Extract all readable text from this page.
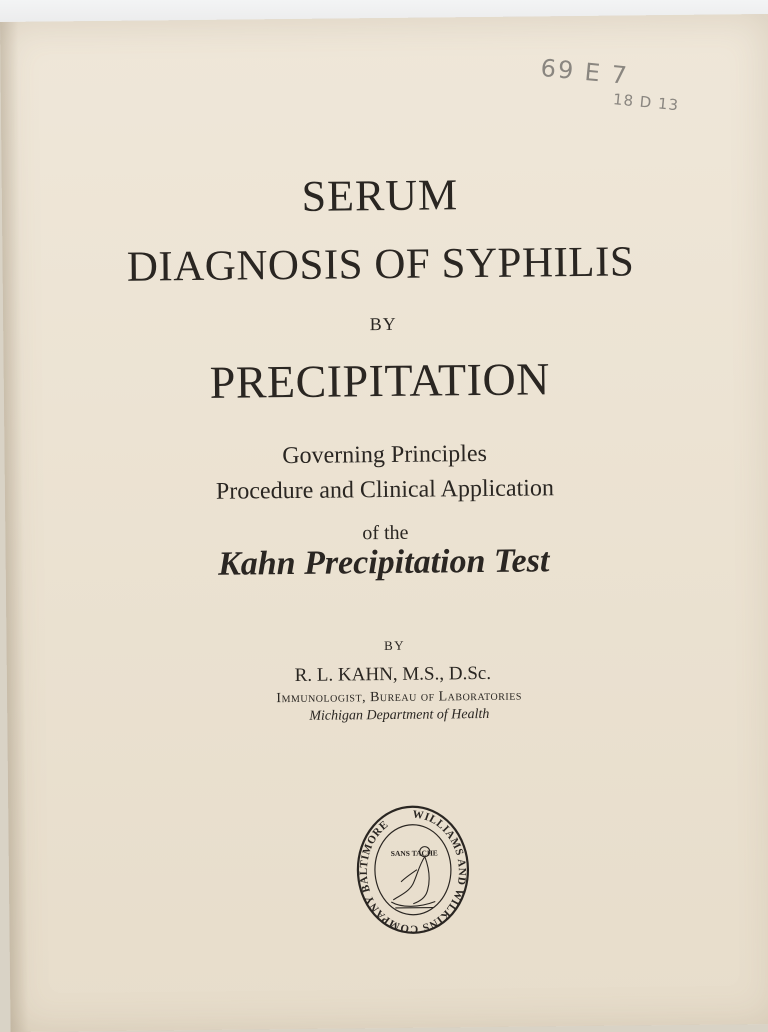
69 E 7
18 D 13
SERUM
DIAGNOSIS OF SYPHILIS
BY
PRECIPITATION
Governing Principles
Procedure and Clinical Application
of the
Kahn Precipitation Test
BY
R. L. KAHN, M.S., D.Sc.
Immunologist, Bureau of Laboratories
Michigan Department of Health
WILLIAMS AND WILKINS COMPANY BALTIMORE
SANS TACHE
